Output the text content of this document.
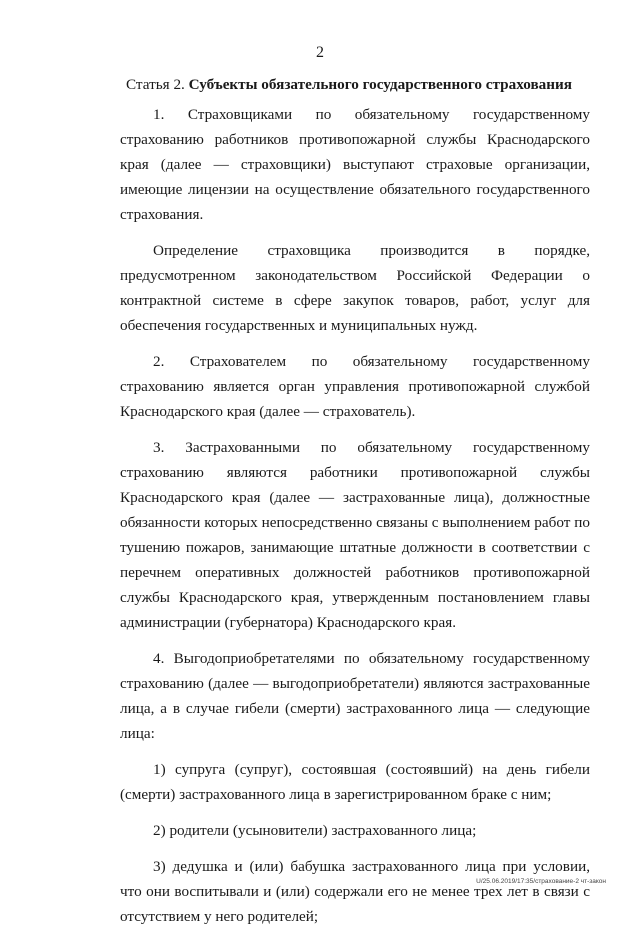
2
Статья 2. Субъекты обязательного государственного страхования

1. Страховщиками по обязательному государственному страхованию работников противопожарной службы Краснодарского края (далее — страховщики) выступают страховые организации, имеющие лицензии на осуществление обязательного государственного страхования.

Определение страховщика производится в порядке, предусмотренном законодательством Российской Федерации о контрактной системе в сфере закупок товаров, работ, услуг для обеспечения государственных и муниципальных нужд.

2. Страхователем по обязательному государственному страхованию является орган управления противопожарной службой Краснодарского края (далее — страхователь).

3. Застрахованными по обязательному государственному страхованию являются работники противопожарной службы Краснодарского края (далее — застрахованные лица), должностные обязанности которых непосредственно связаны с выполнением работ по тушению пожаров, занимающие штатные должности в соответствии с перечнем оперативных должностей работников противопожарной службы Краснодарского края, утвержденным постановлением главы администрации (губернатора) Краснодарского края.

4. Выгодоприобретателями по обязательному государственному страхованию (далее — выгодоприобретатели) являются застрахованные лица, а в случае гибели (смерти) застрахованного лица — следующие лица:

1) супруга (супруг), состоявшая (состоявший) на день гибели (смерти) застрахованного лица в зарегистрированном браке с ним;

2) родители (усыновители) застрахованного лица;

3) дедушка и (или) бабушка застрахованного лица при условии, что они воспитывали и (или) содержали его не менее трех лет в связи с отсутствием у него родителей;

U/25.06.2019/17:35/страхование-2 чт-закон
